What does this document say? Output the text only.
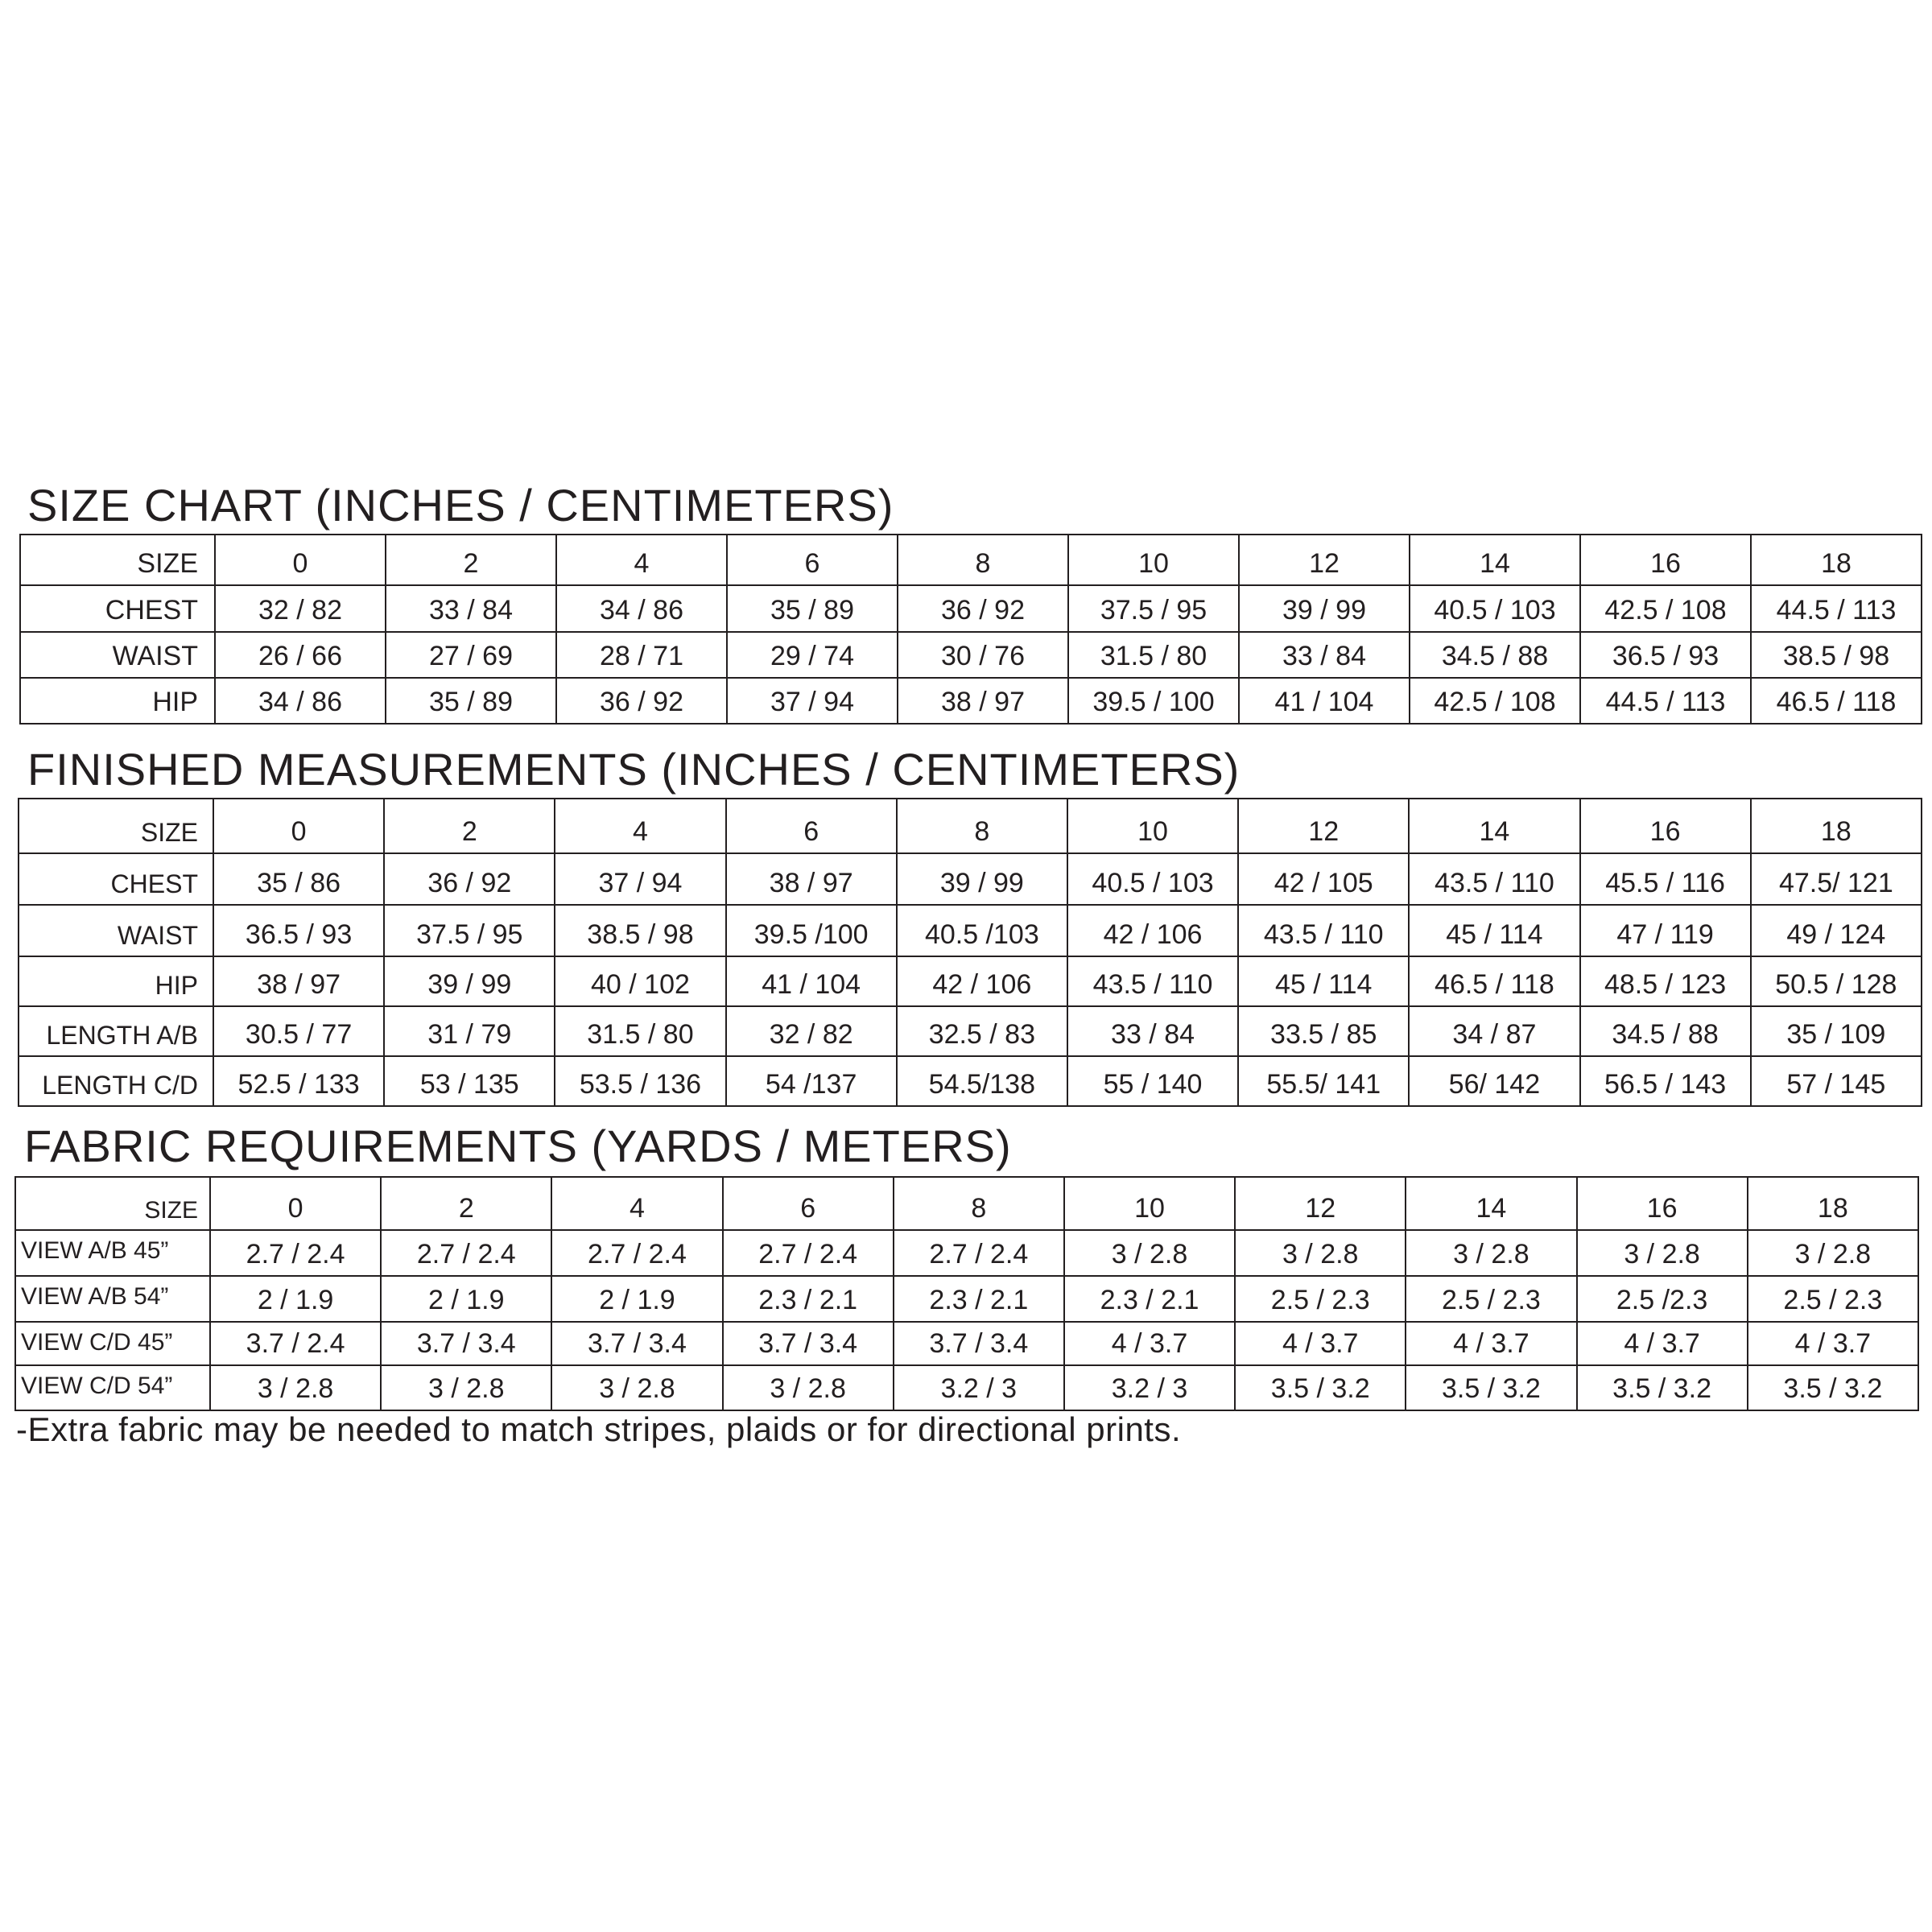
SIZE CHART (INCHES / CENTIMETERS)
SIZE	0	2	4	6	8	10	12	14	16	18
CHEST	32 / 82	33 / 84	34 / 86	35 / 89	36 / 92	37.5 / 95	39 / 99	40.5 / 103	42.5 / 108	44.5 / 113
WAIST	26 / 66	27 / 69	28 / 71	29 / 74	30 / 76	31.5 / 80	33 / 84	34.5 / 88	36.5 / 93	38.5 / 98
HIP	34 / 86	35 / 89	36 / 92	37 / 94	38 / 97	39.5 / 100	41 / 104	42.5 / 108	44.5 / 113	46.5 / 118
FINISHED MEASUREMENTS (INCHES / CENTIMETERS)
SIZE	0	2	4	6	8	10	12	14	16	18
CHEST	35 / 86	36 / 92	37 / 94	38 / 97	39 / 99	40.5 / 103	42 / 105	43.5 / 110	45.5 / 116	47.5/ 121
WAIST	36.5 / 93	37.5 / 95	38.5 / 98	39.5 /100	40.5 /103	42 / 106	43.5 / 110	45 / 114	47 / 119	49 / 124
HIP	38 / 97	39 / 99	40 / 102	41 / 104	42 / 106	43.5 / 110	45 / 114	46.5 / 118	48.5 / 123	50.5 / 128
LENGTH A/B	30.5 / 77	31 / 79	31.5 / 80	32 / 82	32.5 / 83	33 / 84	33.5 / 85	34 / 87	34.5 / 88	35 / 109
LENGTH C/D	52.5 / 133	53 / 135	53.5 / 136	54 /137	54.5/138	55 / 140	55.5/ 141	56/ 142	56.5 / 143	57 / 145
FABRIC REQUIREMENTS (YARDS / METERS)
SIZE	0	2	4	6	8	10	12	14	16	18
VIEW A/B 45”	2.7 / 2.4	2.7 / 2.4	2.7 / 2.4	2.7 / 2.4	2.7 / 2.4	3 / 2.8	3 / 2.8	3 / 2.8	3 / 2.8	3 / 2.8
VIEW A/B 54”	2 / 1.9	2 / 1.9	2 / 1.9	2.3 / 2.1	2.3 / 2.1	2.3 / 2.1	2.5 / 2.3	2.5 / 2.3	2.5 /2.3	2.5 / 2.3
VIEW C/D 45”	3.7 / 2.4	3.7 / 3.4	3.7 / 3.4	3.7 / 3.4	3.7 / 3.4	4 / 3.7	4 / 3.7	4 / 3.7	4 / 3.7	4 / 3.7
VIEW C/D 54”	3 / 2.8	3 / 2.8	3 / 2.8	3 / 2.8	3.2 / 3	3.2 / 3	3.5 / 3.2	3.5 / 3.2	3.5 / 3.2	3.5 / 3.2

-Extra fabric may be needed to match stripes, plaids or for directional prints.
